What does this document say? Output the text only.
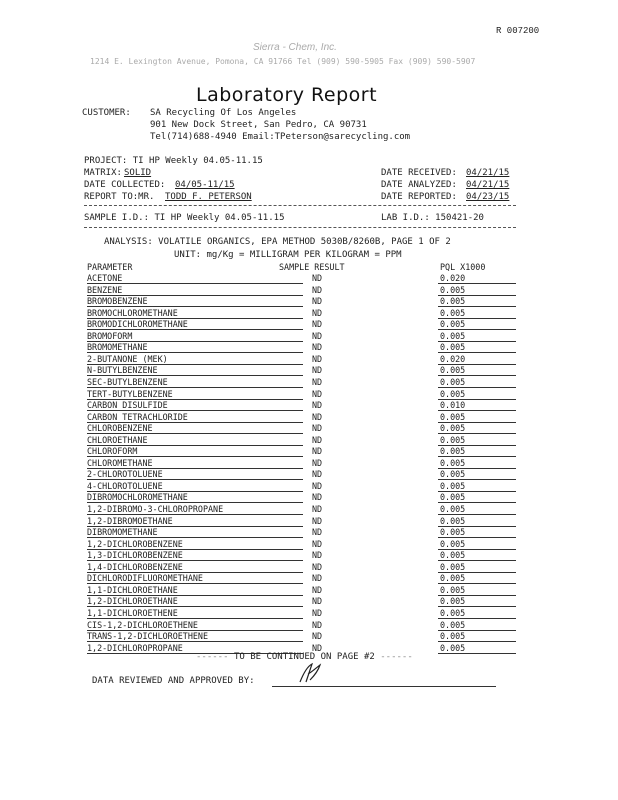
R 007200
Sierra - Chem, Inc.
1214 E. Lexington Avenue, Pomona, CA 91766 Tel (909) 590-5905 Fax (909) 590-5907
Laboratory Report
CUSTOMER: SA Recycling Of Los Angeles
901 New Dock Street, San Pedro, CA 90731
Tel(714)688-4940 Email:TPeterson@sarecycling.com
PROJECT: TI HP Weekly 04.05-11.15
MATRIX: SOLID
DATE COLLECTED: 04/05-11/15
REPORT TO:MR. TODD F. PETERSON
DATE RECEIVED: 04/21/15
DATE ANALYZED: 04/21/15
DATE REPORTED: 04/23/15
SAMPLE I.D.: TI HP Weekly 04.05-11.15	LAB I.D.: 150421-20
ANALYSIS: VOLATILE ORGANICS, EPA METHOD 5030B/8260B, PAGE 1 OF 2
UNIT: mg/Kg = MILLIGRAM PER KILOGRAM = PPM
PARAMETER	SAMPLE RESULT	PQL X1000
ACETONE	ND	0.020
BENZENE	ND	0.005
BROMOBENZENE	ND	0.005
BROMOCHLOROMETHANE	ND	0.005
BROMODICHLOROMETHANE	ND	0.005
BROMOFORM	ND	0.005
BROMOMETHANE	ND	0.005
2-BUTANONE (MEK)	ND	0.020
N-BUTYLBENZENE	ND	0.005
SEC-BUTYLBENZENE	ND	0.005
TERT-BUTYLBENZENE	ND	0.005
CARBON DISULFIDE	ND	0.010
CARBON TETRACHLORIDE	ND	0.005
CHLOROBENZENE	ND	0.005
CHLOROETHANE	ND	0.005
CHLOROFORM	ND	0.005
CHLOROMETHANE	ND	0.005
2-CHLOROTOLUENE	ND	0.005
4-CHLOROTOLUENE	ND	0.005
DIBROMOCHLOROMETHANE	ND	0.005
1,2-DIBROMO-3-CHLOROPROPANE	ND	0.005
1,2-DIBROMOETHANE	ND	0.005
DIBROMOMETHANE	ND	0.005
1,2-DICHLOROBENZENE	ND	0.005
1,3-DICHLOROBENZENE	ND	0.005
1,4-DICHLOROBENZENE	ND	0.005
DICHLORODIFLUOROMETHANE	ND	0.005
1,1-DICHLOROETHANE	ND	0.005
1,2-DICHLOROETHANE	ND	0.005
1,1-DICHLOROETHENE	ND	0.005
CIS-1,2-DICHLOROETHENE	ND	0.005
TRANS-1,2-DICHLOROETHENE	ND	0.005
1,2-DICHLOROPROPANE	ND	0.005
------ TO BE CONTINUED ON PAGE #2 ------
DATA REVIEWED AND APPROVED BY:
